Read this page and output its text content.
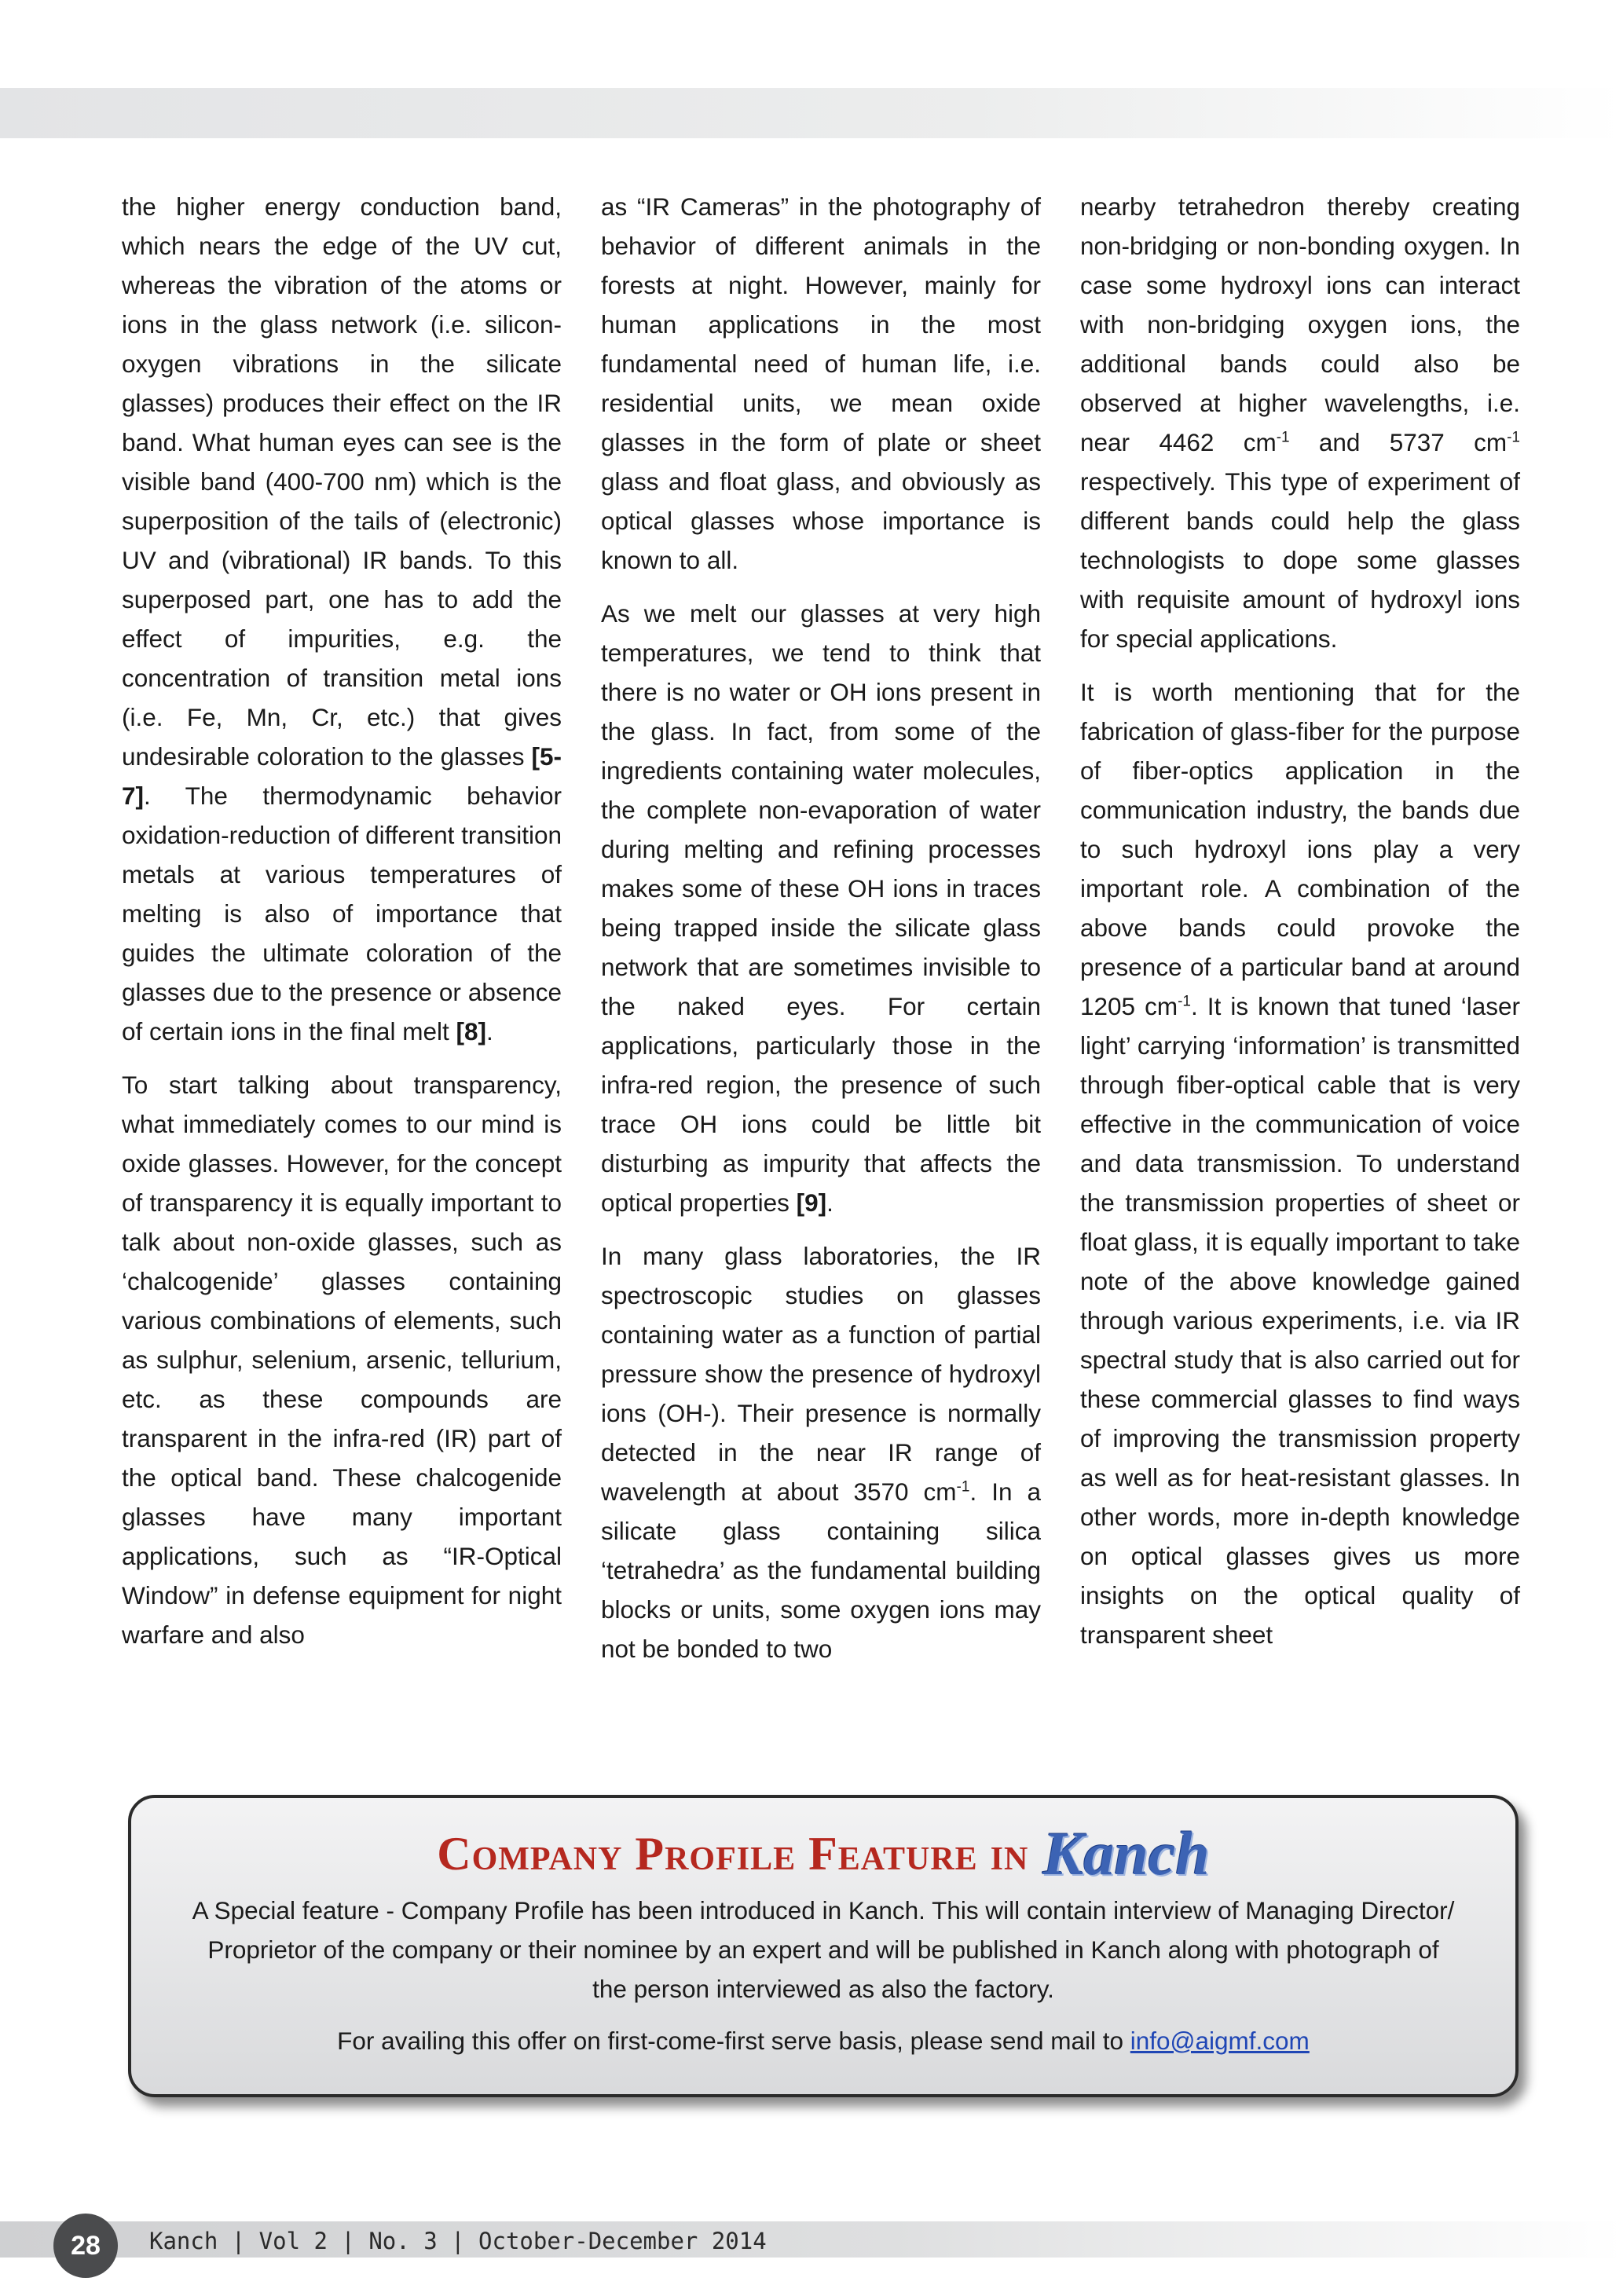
the higher energy conduction band, which nears the edge of the UV cut, whereas the vibration of the atoms or ions in the glass network (i.e. silicon-oxygen vibrations in the silicate glasses) produces their effect on the IR band. What human eyes can see is the visible band (400-700 nm) which is the superposition of the tails of (electronic) UV and (vibrational) IR bands. To this superposed part, one has to add the effect of impurities, e.g. the concentration of transition metal ions (i.e. Fe, Mn, Cr, etc.) that gives undesirable coloration to the glasses [5-7]. The thermodynamic behavior oxidation-reduction of different transition metals at various temperatures of melting is also of importance that guides the ultimate coloration of the glasses due to the presence or absence of certain ions in the final melt [8].

To start talking about transparency, what immediately comes to our mind is oxide glasses. However, for the concept of transparency it is equally important to talk about non-oxide glasses, such as ‘chalcogenide’ glasses containing various combinations of elements, such as sulphur, selenium, arsenic, tellurium, etc. as these compounds are transparent in the infra-red (IR) part of the optical band. These chalcogenide glasses have many important applications, such as “IR-Optical Window” in defense equipment for night warfare and also

as “IR Cameras” in the photography of behavior of different animals in the forests at night. However, mainly for human applications in the most fundamental need of human life, i.e. residential units, we mean oxide glasses in the form of plate or sheet glass and float glass, and obviously as optical glasses whose importance is known to all.

As we melt our glasses at very high temperatures, we tend to think that there is no water or OH ions present in the glass. In fact, from some of the ingredients containing water molecules, the complete non-evaporation of water during melting and refining processes makes some of these OH ions in traces being trapped inside the silicate glass network that are sometimes invisible to the naked eyes. For certain applications, particularly those in the infra-red region, the presence of such trace OH ions could be little bit disturbing as impurity that affects the optical properties [9].

In many glass laboratories, the IR spectroscopic studies on glasses containing water as a function of partial pressure show the presence of hydroxyl ions (OH-). Their presence is normally detected in the near IR range of wavelength at about 3570 $cm^{-1}$. In a silicate glass containing silica ‘tetrahedra’ as the fundamental building blocks or units, some oxygen ions may not be bonded to two

nearby tetrahedron thereby creating non-bridging or non-bonding oxygen. In case some hydroxyl ions can interact with non-bridging oxygen ions, the additional bands could also be observed at higher wavelengths, i.e. near 4462 $cm^{-1}$ and 5737 $cm^{-1}$ respectively. This type of experiment of different bands could help the glass technologists to dope some glasses with requisite amount of hydroxyl ions for special applications.

It is worth mentioning that for the fabrication of glass-fiber for the purpose of fiber-optics application in the communication industry, the bands due to such hydroxyl ions play a very important role. A combination of the above bands could provoke the presence of a particular band at around 1205 $cm^{-1}$. It is known that tuned ‘laser light’ carrying ‘information’ is transmitted through fiber-optical cable that is very effective in the communication of voice and data transmission. To understand the transmission properties of sheet or float glass, it is equally important to take note of the above knowledge gained through various experiments, i.e. via IR spectral study that is also carried out for these commercial glasses to find ways of improving the transmission property as well as for heat-resistant glasses. In other words, more in-depth knowledge on optical glasses gives us more insights on the optical quality of transparent sheet

Company Profile Feature in Kanch
A Special feature - Company Profile has been introduced in Kanch. This will contain interview of Managing Director/ Proprietor of the company or their nominee by an expert and will be published in Kanch along with photograph of the person interviewed as also the factory.
For availing this offer on first-come-first serve basis, please send mail to info@aigmf.com
28	Kanch | Vol 2 | No. 3 | October-December 2014
